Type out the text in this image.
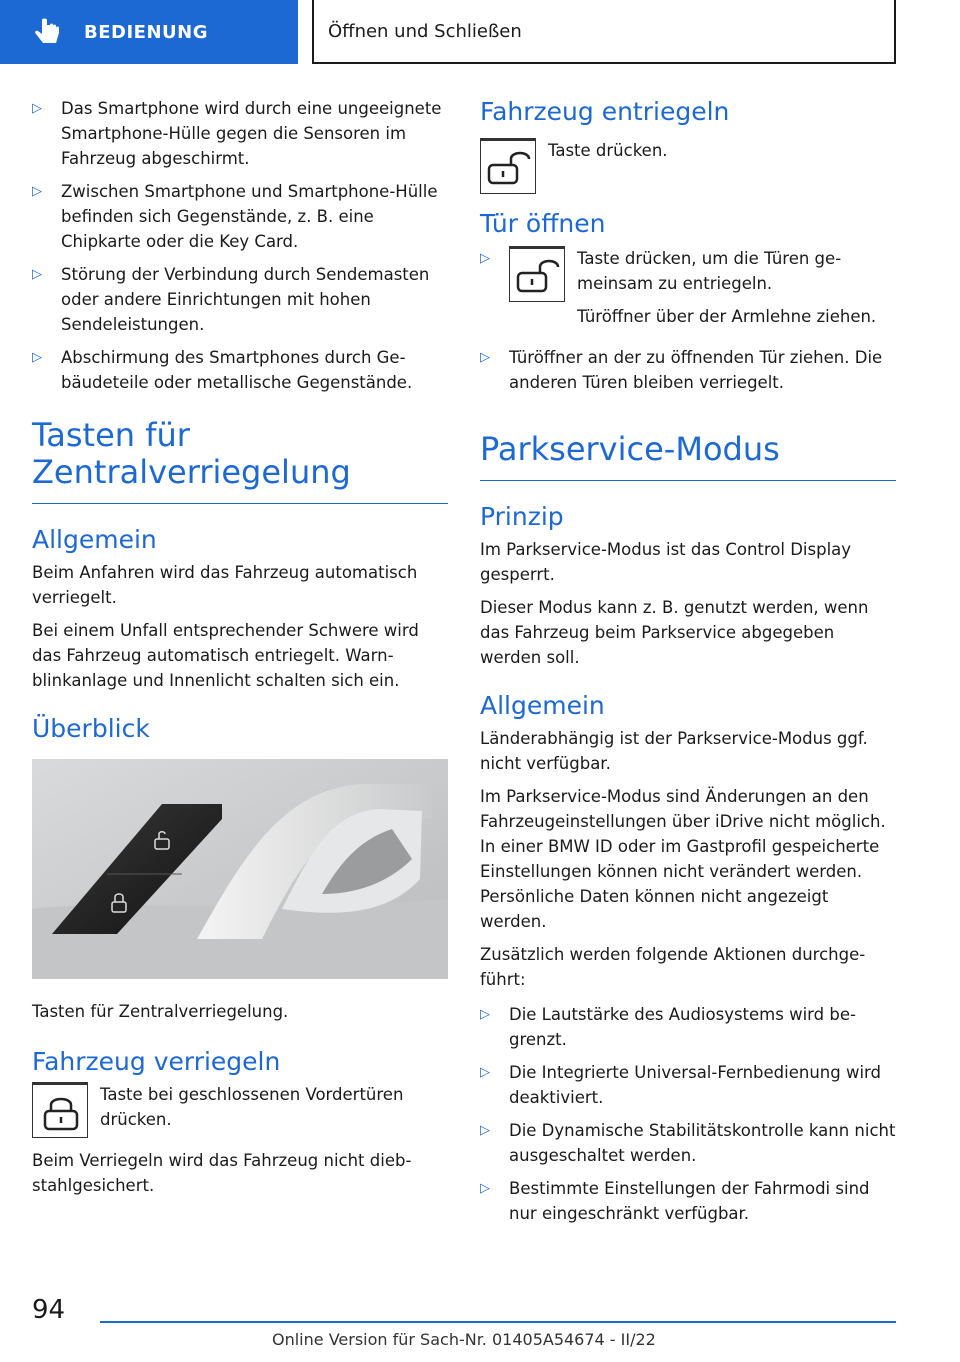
BEDIENUNG	Öffnen und Schließen
▷ Das Smartphone wird durch eine ungeeignete Smartphone-Hülle gegen die Sensoren im Fahrzeug abgeschirmt.
▷ Zwischen Smartphone und Smartphone-Hülle befinden sich Gegenstände, z. B. eine Chipkarte oder die Key Card.
▷ Störung der Verbindung durch Sendemasten oder andere Einrichtungen mit hohen Sendeleistungen.
▷ Abschirmung des Smartphones durch Gebäudeteile oder metallische Gegenstände.
Tasten für Zentralverriegelung
Allgemein

Beim Anfahren wird das Fahrzeug automatisch verriegelt.

Bei einem Unfall entsprechender Schwere wird das Fahrzeug automatisch entriegelt. Warnblinkanlage und Innenlicht schalten sich ein.

Überblick

Tasten für Zentralverriegelung.

Fahrzeug verriegeln

Taste bei geschlossenen Vordertüren drücken.

Beim Verriegeln wird das Fahrzeug nicht diebstahlgesichert.

Fahrzeug entriegeln

Taste drücken.

Tür öffnen
▷	Taste drücken, um die Türen gemeinsam zu entriegeln.

Türöffner über der Armlehne ziehen.

▷ Türöffner an der zu öffnenden Tür ziehen. Die anderen Türen bleiben verriegelt.
Parkservice-Modus
Prinzip

Im Parkservice-Modus ist das Control Display gesperrt.

Dieser Modus kann z. B. genutzt werden, wenn das Fahrzeug beim Parkservice abgegeben werden soll.

Allgemein

Länderabhängig ist der Parkservice-Modus ggf. nicht verfügbar.

Im Parkservice-Modus sind Änderungen an den Fahrzeugeinstellungen über iDrive nicht möglich. In einer BMW ID oder im Gastprofil gespeicherte Einstellungen können nicht verändert werden. Persönliche Daten können nicht angezeigt werden.

Zusätzlich werden folgende Aktionen durchgeführt:

▷ Die Lautstärke des Audiosystems wird begrenzt.
▷ Die Integrierte Universal-Fernbedienung wird deaktiviert.
▷ Die Dynamische Stabilitätskontrolle kann nicht ausgeschaltet werden.
▷ Bestimmte Einstellungen der Fahrmodi sind nur eingeschränkt verfügbar.
94
Online Version für Sach-Nr. 01405A54674 - II/22
